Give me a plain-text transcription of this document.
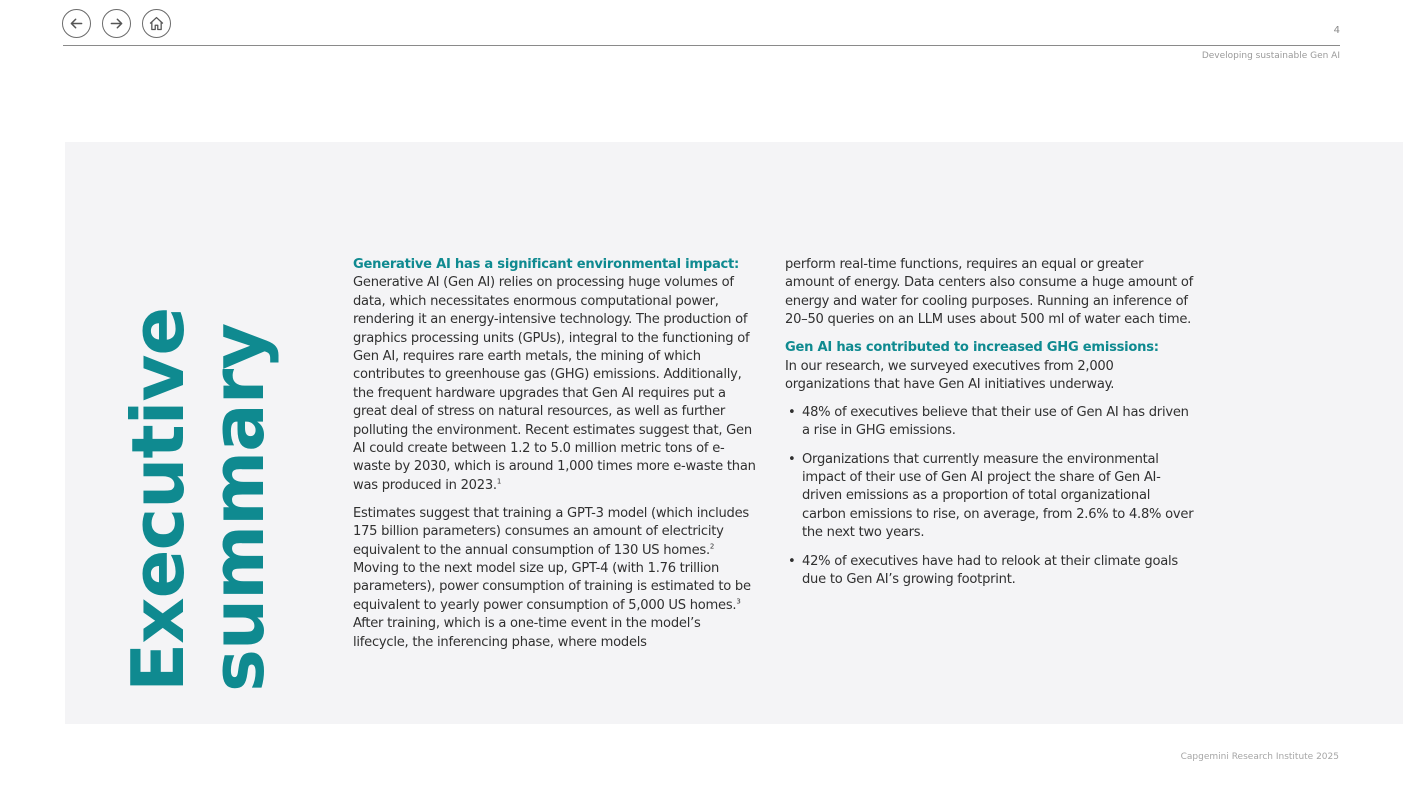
4
Developing sustainable Gen AI
Executive
summary

Generative AI has a significant environmental impact:
Generative AI (Gen AI) relies on processing huge volumes of data, which necessitates enormous computational power, rendering it an energy-intensive technology. The production of graphics processing units (GPUs), integral to the functioning of Gen AI, requires rare earth metals, the mining of which contributes to greenhouse gas (GHG) emissions. Additionally, the frequent hardware upgrades that Gen AI requires put a great deal of stress on natural resources, as well as further polluting the environment. Recent estimates suggest that, Gen AI could create between 1.2 to 5.0 million metric tons of e-waste by 2030, which is around 1,000 times more e-waste than was produced in 2023.$^1$

Estimates suggest that training a GPT-3 model (which includes 175 billion parameters) consumes an amount of electricity equivalent to the annual consumption of 130 US homes.$^2$ Moving to the next model size up, GPT-4 (with 1.76 trillion parameters), power consumption of training is estimated to be equivalent to yearly power consumption of 5,000 US homes.$^3$ After training, which is a one-time event in the model’s lifecycle, the inferencing phase, where models

perform real-time functions, requires an equal or greater amount of energy. Data centers also consume a huge amount of energy and water for cooling purposes. Running an inference of 20–50 queries on an LLM uses about 500 ml of water each time.

Gen AI has contributed to increased GHG emissions:
In our research, we surveyed executives from 2,000 organizations that have Gen AI initiatives underway.

• 48% of executives believe that their use of Gen AI has driven a rise in GHG emissions.
• Organizations that currently measure the environmental impact of their use of Gen AI project the share of Gen AI-driven emissions as a proportion of total organizational carbon emissions to rise, on average, from 2.6% to 4.8% over the next two years.
• 42% of executives have had to relook at their climate goals due to Gen AI’s growing footprint.
Capgemini Research Institute 2025
